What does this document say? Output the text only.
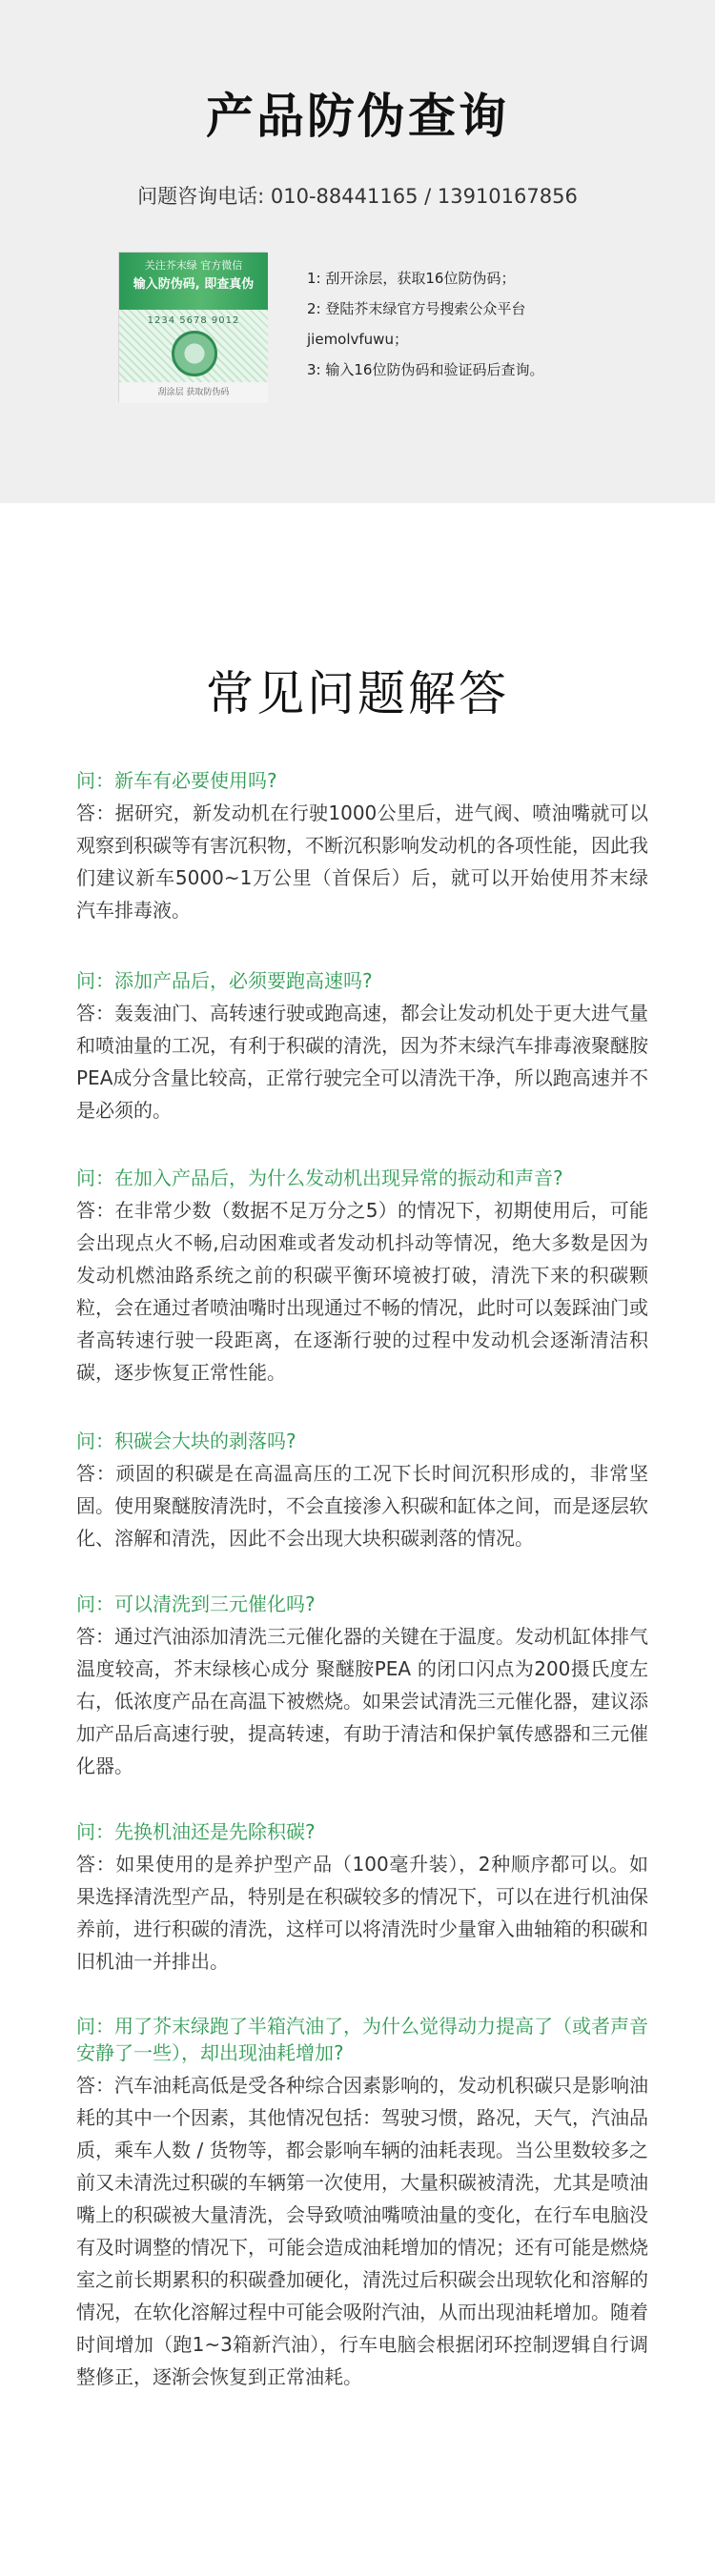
产品防伪查询
问题咨询电话: 010-88441165 / 13910167856
关注芥末绿 官方微信
输入防伪码, 即查真伪
1234 5678 9012
刮涂层 获取防伪码
1: 刮开涂层，获取16位防伪码；
2: 登陆芥末绿官方号搜索公众平台
jiemolvfuwu；
3: 输入16位防伪码和验证码后查询。
常见问题解答
问：新车有必要使用吗?
答：据研究，新发动机在行驶1000公里后，进气阀、喷油嘴就可以观察到积碳等有害沉积物，不断沉积影响发动机的各项性能，因此我们建议新车5000~1万公里（首保后）后，就可以开始使用芥末绿汽车排毒液。
问：添加产品后，必须要跑高速吗?
答：轰轰油门、高转速行驶或跑高速，都会让发动机处于更大进气量和喷油量的工况，有利于积碳的清洗，因为芥末绿汽车排毒液聚醚胺PEA成分含量比较高，正常行驶完全可以清洗干净，所以跑高速并不是必须的。
问：在加入产品后，为什么发动机出现异常的振动和声音?
答：在非常少数（数据不足万分之5）的情况下，初期使用后，可能会出现点火不畅,启动困难或者发动机抖动等情况，绝大多数是因为发动机燃油路系统之前的积碳平衡环境被打破，清洗下来的积碳颗粒，会在通过者喷油嘴时出现通过不畅的情况，此时可以轰踩油门或者高转速行驶一段距离，在逐渐行驶的过程中发动机会逐渐清洁积碳，逐步恢复正常性能。
问：积碳会大块的剥落吗?
答：顽固的积碳是在高温高压的工况下长时间沉积形成的，非常坚固。使用聚醚胺清洗时，不会直接渗入积碳和缸体之间，而是逐层软化、溶解和清洗，因此不会出现大块积碳剥落的情况。
问：可以清洗到三元催化吗?
答：通过汽油添加清洗三元催化器的关键在于温度。发动机缸体排气温度较高，芥末绿核心成分 聚醚胺PEA 的闭口闪点为200摄氏度左右，低浓度产品在高温下被燃烧。如果尝试清洗三元催化器，建议添加产品后高速行驶，提高转速，有助于清洁和保护氧传感器和三元催化器。
问：先换机油还是先除积碳?
答：如果使用的是养护型产品（100毫升装），2种顺序都可以。如果选择清洗型产品，特别是在积碳较多的情况下，可以在进行机油保养前，进行积碳的清洗，这样可以将清洗时少量窜入曲轴箱的积碳和旧机油一并排出。
问：用了芥末绿跑了半箱汽油了，为什么觉得动力提高了（或者声音安静了一些），却出现油耗增加?
答：汽车油耗高低是受各种综合因素影响的，发动机积碳只是影响油耗的其中一个因素，其他情况包括：驾驶习惯，路况，天气，汽油品质，乘车人数 / 货物等，都会影响车辆的油耗表现。当公里数较多之前又未清洗过积碳的车辆第一次使用，大量积碳被清洗，尤其是喷油嘴上的积碳被大量清洗，会导致喷油嘴喷油量的变化，在行车电脑没有及时调整的情况下，可能会造成油耗增加的情况；还有可能是燃烧室之前长期累积的积碳叠加硬化，清洗过后积碳会出现软化和溶解的情况，在软化溶解过程中可能会吸附汽油，从而出现油耗增加。随着时间增加（跑1~3箱新汽油），行车电脑会根据闭环控制逻辑自行调整修正，逐渐会恢复到正常油耗。
